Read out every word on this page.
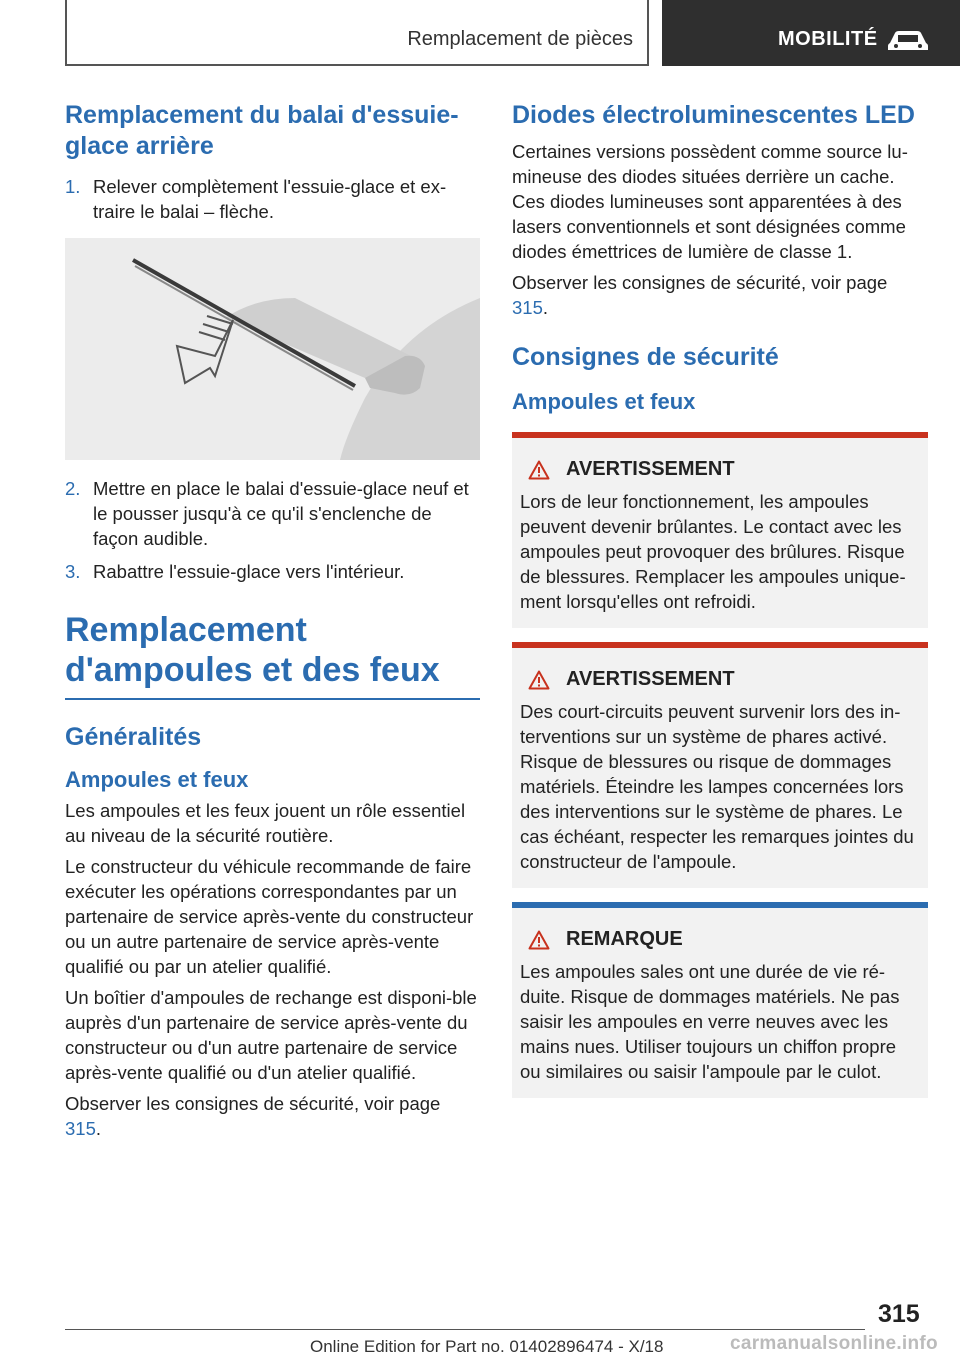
Remplacement de pièces	MOBILITÉ
Remplacement du balai d'essuie-glace arrière
1. Relever complètement l'essuie-glace et ex-traire le balai – flèche.
2. Mettre en place le balai d'essuie-glace neuf et le pousser jusqu'à ce qu'il s'enclenche de façon audible.
3. Rabattre l'essuie-glace vers l'intérieur.
Remplacement d'ampoules et des feux
Généralités
Ampoules et feux

Les ampoules et les feux jouent un rôle essentiel au niveau de la sécurité routière.

Le constructeur du véhicule recommande de faire exécuter les opérations correspondantes par un partenaire de service après-vente du constructeur ou un autre partenaire de service après-vente qualifié ou par un atelier qualifié.

Un boîtier d'ampoules de rechange est disponi-ble auprès d'un partenaire de service après-vente du constructeur ou d'un autre partenaire de service après-vente qualifié ou d'un atelier qualifié.

Observer les consignes de sécurité, voir page 315.

Diodes électroluminescentes LED

Certaines versions possèdent comme source lu-mineuse des diodes situées derrière un cache. Ces diodes lumineuses sont apparentées à des lasers conventionnels et sont désignées comme diodes émettrices de lumière de classe 1.

Observer les consignes de sécurité, voir page 315.

Consignes de sécurité
Ampoules et feux
AVERTISSEMENT

Lors de leur fonctionnement, les ampoules peuvent devenir brûlantes. Le contact avec les ampoules peut provoquer des brûlures. Risque de blessures. Remplacer les ampoules unique-ment lorsqu'elles ont refroidi.

AVERTISSEMENT

Des court-circuits peuvent survenir lors des in-terventions sur un système de phares activé. Risque de blessures ou risque de dommages matériels. Éteindre les lampes concernées lors des interventions sur le système de phares. Le cas échéant, respecter les remarques jointes du constructeur de l'ampoule.

REMARQUE

Les ampoules sales ont une durée de vie ré-duite. Risque de dommages matériels. Ne pas saisir les ampoules en verre neuves avec les mains nues. Utiliser toujours un chiffon propre ou similaires ou saisir l'ampoule par le culot.

315
Online Edition for Part no. 01402896474 - X/18	carmanualsonline.info
